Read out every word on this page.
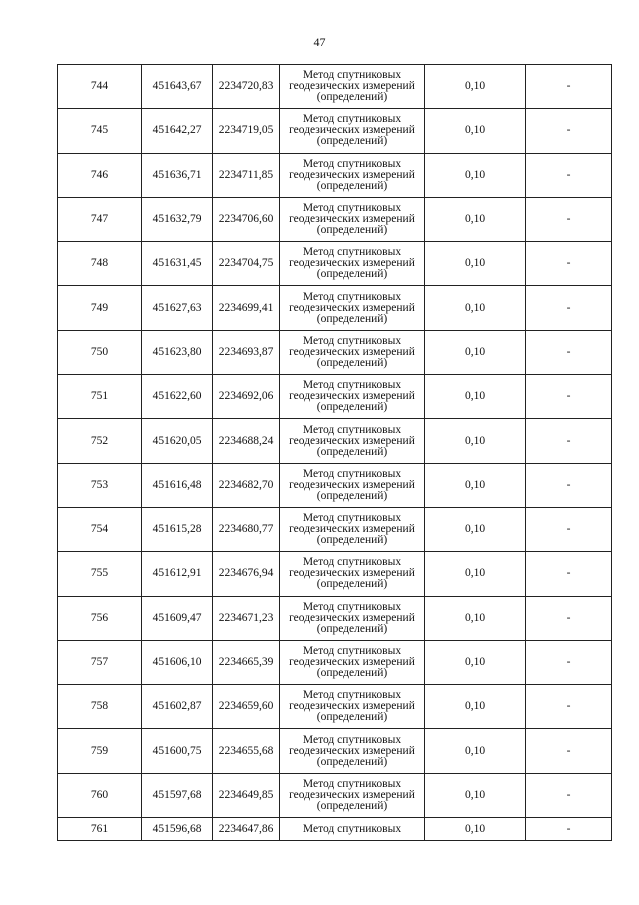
47
744	451643,67	2234720,83	Метод спутниковых геодезических измерений (определений)	0,10	-
745	451642,27	2234719,05	Метод спутниковых геодезических измерений (определений)	0,10	-
746	451636,71	2234711,85	Метод спутниковых геодезических измерений (определений)	0,10	-
747	451632,79	2234706,60	Метод спутниковых геодезических измерений (определений)	0,10	-
748	451631,45	2234704,75	Метод спутниковых геодезических измерений (определений)	0,10	-
749	451627,63	2234699,41	Метод спутниковых геодезических измерений (определений)	0,10	-
750	451623,80	2234693,87	Метод спутниковых геодезических измерений (определений)	0,10	-
751	451622,60	2234692,06	Метод спутниковых геодезических измерений (определений)	0,10	-
752	451620,05	2234688,24	Метод спутниковых геодезических измерений (определений)	0,10	-
753	451616,48	2234682,70	Метод спутниковых геодезических измерений (определений)	0,10	-
754	451615,28	2234680,77	Метод спутниковых геодезических измерений (определений)	0,10	-
755	451612,91	2234676,94	Метод спутниковых геодезических измерений (определений)	0,10	-
756	451609,47	2234671,23	Метод спутниковых геодезических измерений (определений)	0,10	-
757	451606,10	2234665,39	Метод спутниковых геодезических измерений (определений)	0,10	-
758	451602,87	2234659,60	Метод спутниковых геодезических измерений (определений)	0,10	-
759	451600,75	2234655,68	Метод спутниковых геодезических измерений (определений)	0,10	-
760	451597,68	2234649,85	Метод спутниковых геодезических измерений (определений)	0,10	-
761	451596,68	2234647,86	Метод спутниковых	0,10	-
